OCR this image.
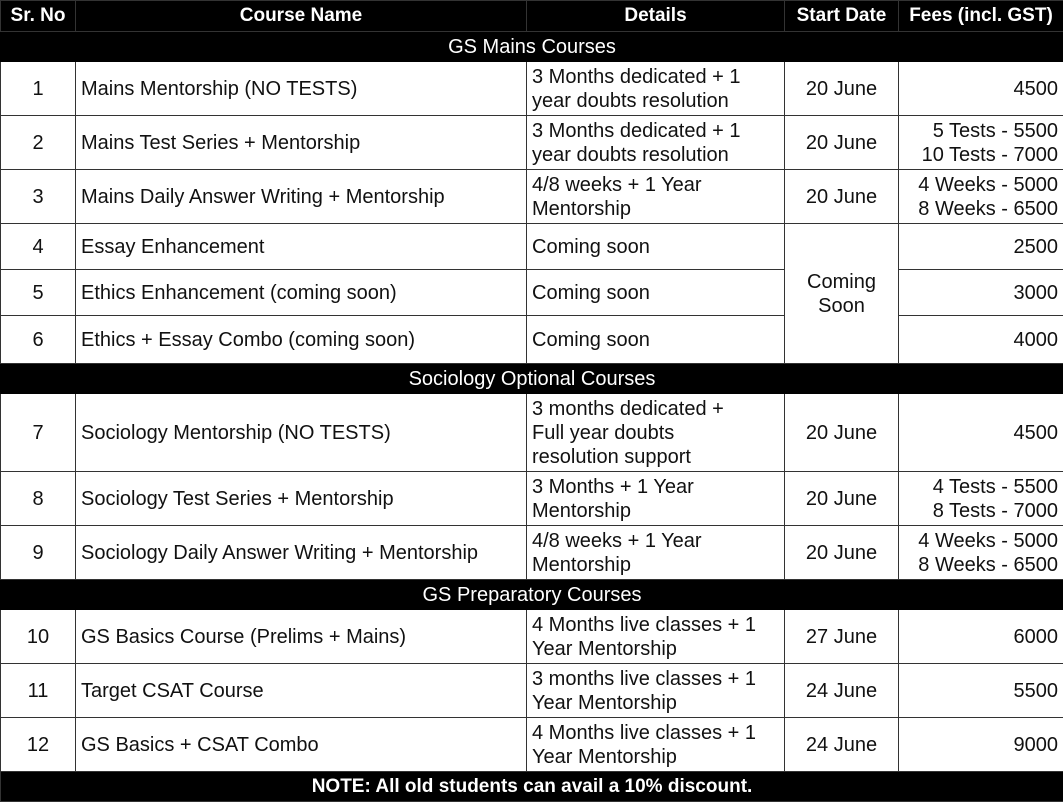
Sr. No	Course Name	Details	Start Date	Fees (incl. GST)
GS Mains Courses				
1	Mains Mentorship (NO TESTS)	3 Months dedicated + 1
year doubts resolution	20 June	4500

2	Mains Test Series + Mentorship	3 Months dedicated + 1
year doubts resolution	20 June	5 Tests - 5500
10 Tests - 7000

3	Mains Daily Answer Writing + Mentorship	4/8 weeks + 1 Year
Mentorship	20 June	4 Weeks - 5000
8 Weeks - 6500

4	Essay Enhancement	Coming soon	Coming
Soon	2500

5	Ethics Enhancement (coming soon)	Coming soon		3000

6	Ethics + Essay Combo (coming soon)	Coming soon		4000

Sociology Optional Courses				
7	Sociology Mentorship (NO TESTS)	3 months dedicated +
Full year doubts
resolution support	20 June	4500

8	Sociology Test Series + Mentorship	3 Months + 1 Year
Mentorship	20 June	4 Tests - 5500
8 Tests - 7000

9	Sociology Daily Answer Writing + Mentorship	4/8 weeks + 1 Year
Mentorship	20 June	4 Weeks - 5000
8 Weeks - 6500

GS Preparatory Courses				
10	GS Basics Course (Prelims + Mains)	4 Months live classes + 1
Year Mentorship	27 June	6000

11	Target CSAT Course	3 months live classes + 1
Year Mentorship	24 June	5500

12	GS Basics + CSAT Combo	4 Months live classes + 1
Year Mentorship	24 June	9000

NOTE: All old students can avail a 10% discount.				
